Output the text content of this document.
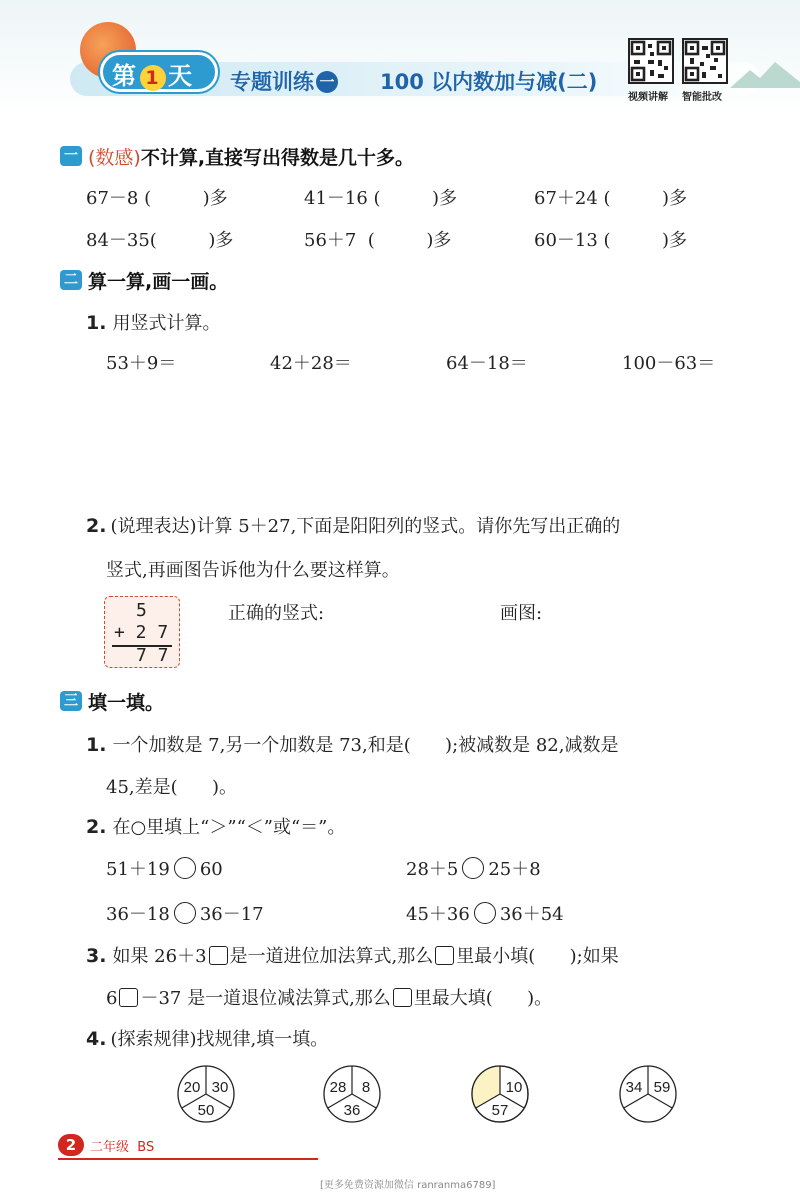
第 1 天 专题训练 一 100 以内数加与减(二)
视频讲解 智能批改
一 (数感)不计算,直接写出得数是几十多。
67－8 (         )多	41－16 (         )多	67＋24 (         )多
84－35(         )多	56＋7  (         )多	60－13 (         )多
二 算一算,画一画。
1. 用竖式计算。
53＋9＝	42＋28＝	64－18＝	100－63＝
2. (说理表达)计算 5＋27,下面是阳阳列的竖式。请你先写出正确的
竖式,再画图告诉他为什么要这样算。
5
+ 2 7
7 7
正确的竖式:	画图:
三 填一填。
1. 一个加数是 7,另一个加数是 73,和是(      );被减数是 82,减数是
45,差是(      )。
2. 在○里填上“＞”“＜”或“＝”。
51＋19 60	28＋5 25＋8
36－18 36－17	45＋36 36＋54
3. 如果 26＋3 是一道进位加法算式,那么 里最小填(      );如果
6 －37 是一道退位减法算式,那么 里最大填(      )。
4. (探索规律)找规律,填一填。
20 30
50
28 8
36
10
57
34 59
2	二年级  BS
[更多免费资源加微信 ranranma6789]
